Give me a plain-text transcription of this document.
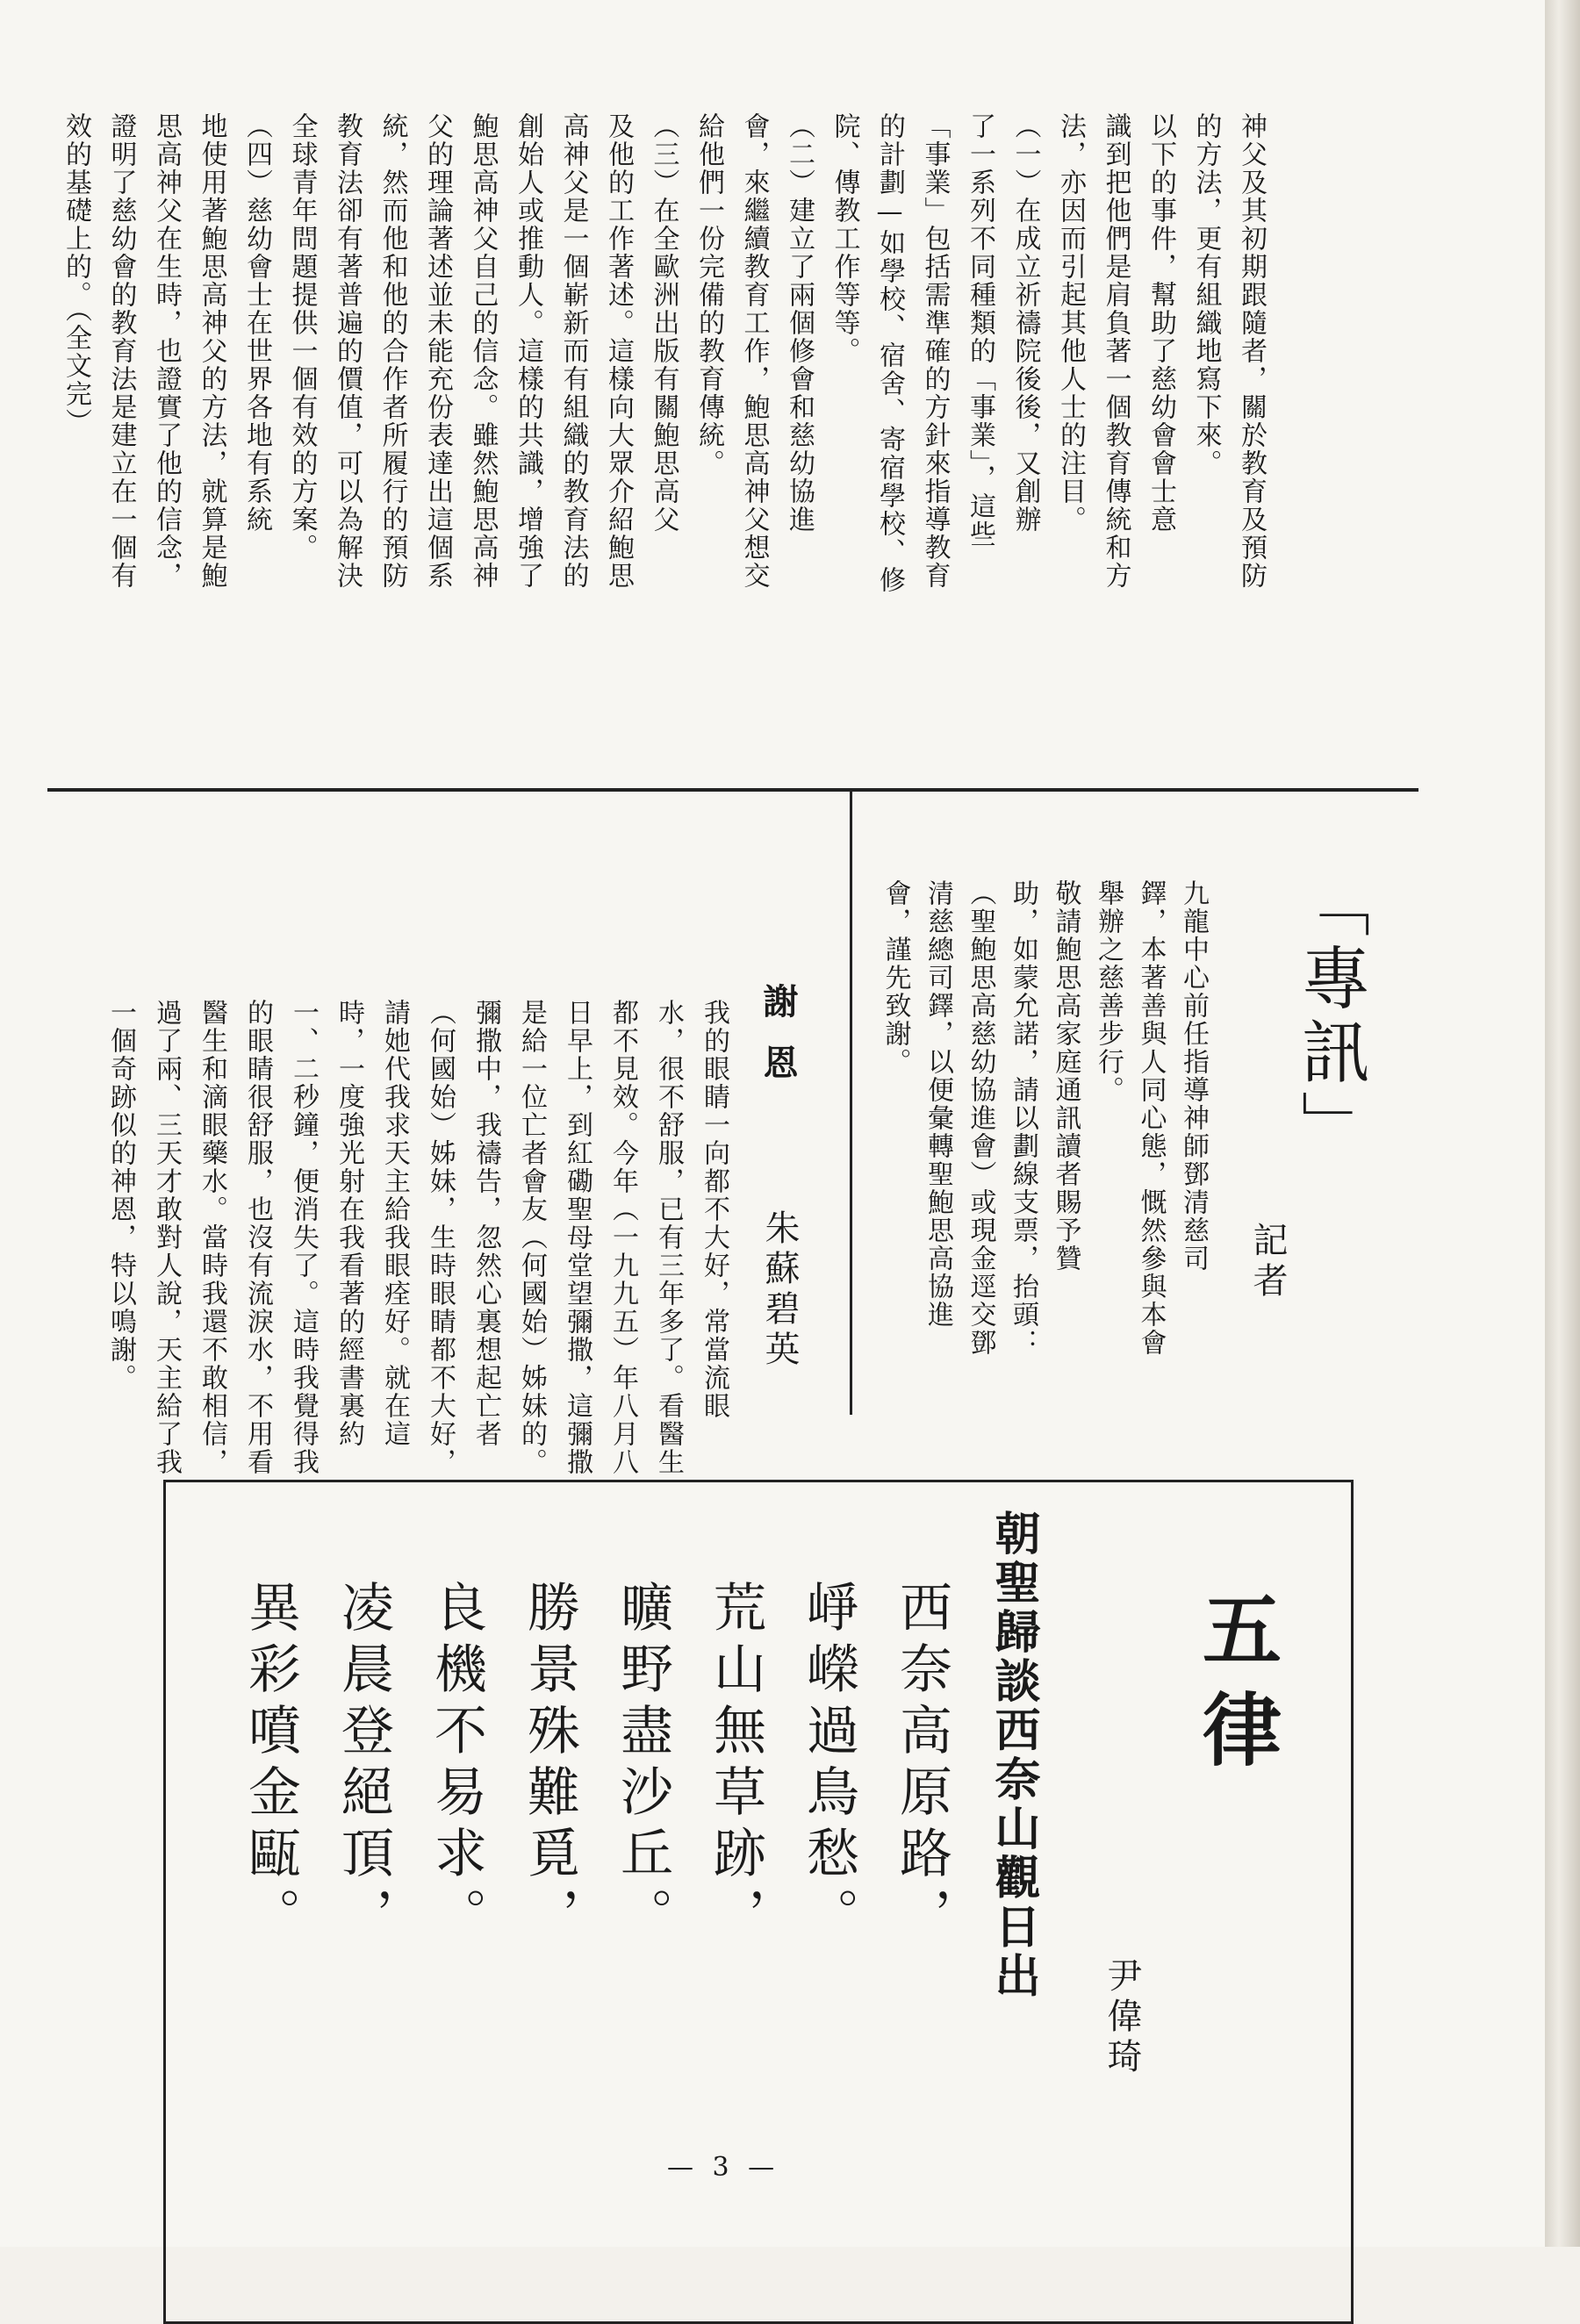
神父及其初期跟隨者，關於教育及預防
的方法，更有組織地寫下來。
以下的事件，幫助了慈幼會會士意
識到把他們是肩負著一個教育傳統和方
法，亦因而引起其他人士的注目。
（一）在成立祈禱院後後，又創辦
了一系列不同種類的「事業」，這些
「事業」包括需準確的方針來指導教育
的計劃—如學校、宿舍、寄宿學校、修
院、傳教工作等等。
（二）建立了兩個修會和慈幼協進
會，來繼續教育工作，鮑思高神父想交
給他們一份完備的教育傳統。
（三）在全歐洲出版有關鮑思高父
及他的工作著述。這樣向大眾介紹鮑思
高神父是一個嶄新而有組織的教育法的
創始人或推動人。這樣的共識，增強了
鮑思高神父自己的信念。雖然鮑思高神
父的理論著述並未能充份表達出這個系
統，然而他和他的合作者所履行的預防
教育法卻有著普遍的價值，可以為解決
全球青年問題提供一個有效的方案。
（四）慈幼會士在世界各地有系統
地使用著鮑思高神父的方法，就算是鮑
思高神父在生時，也證實了他的信念，
證明了慈幼會的教育法是建立在一個有
效的基礎上的。（全文完）
「專訊」
記者
九龍中心前任指導神師鄧清慈司
鐸，本著善與人同心態，慨然參與本會
舉辦之慈善步行。
敬請鮑思高家庭通訊讀者賜予贊
助，如蒙允諾，請以劃線支票，抬頭：
（聖鮑思高慈幼協進會）或現金逕交鄧
清慈總司鐸，以便彙轉聖鮑思高協進
會，謹先致謝。
謝恩
朱蘇碧英
我的眼睛一向都不大好，常當流眼
水，很不舒服，已有三年多了。看醫生
都不見效。今年（一九九五）年八月八
日早上，到紅磡聖母堂望彌撒，這彌撒
是給一位亡者會友（何國始）姊妹的。
彌撒中，我禱告，忽然心裏想起亡者
（何國始）姊妹，生時眼睛都不大好，
請她代我求天主給我眼痊好。就在這
時，一度強光射在我看著的經書裏約
一、二秒鐘，便消失了。這時我覺得我
的眼睛很舒服，也沒有流淚水，不用看
醫生和滴眼藥水。當時我還不敢相信，
過了兩、三天才敢對人說，天主給了我
一個奇跡似的神恩，特以鳴謝。
五律
尹偉琦
朝聖歸談西奈山觀日出
西奈高原路，
崢嶸過鳥愁。
荒山無草跡，
曠野盡沙丘。
勝景殊難覓，
良機不易求。
凌晨登絕頂，
異彩噴金甌。
— 3 —
